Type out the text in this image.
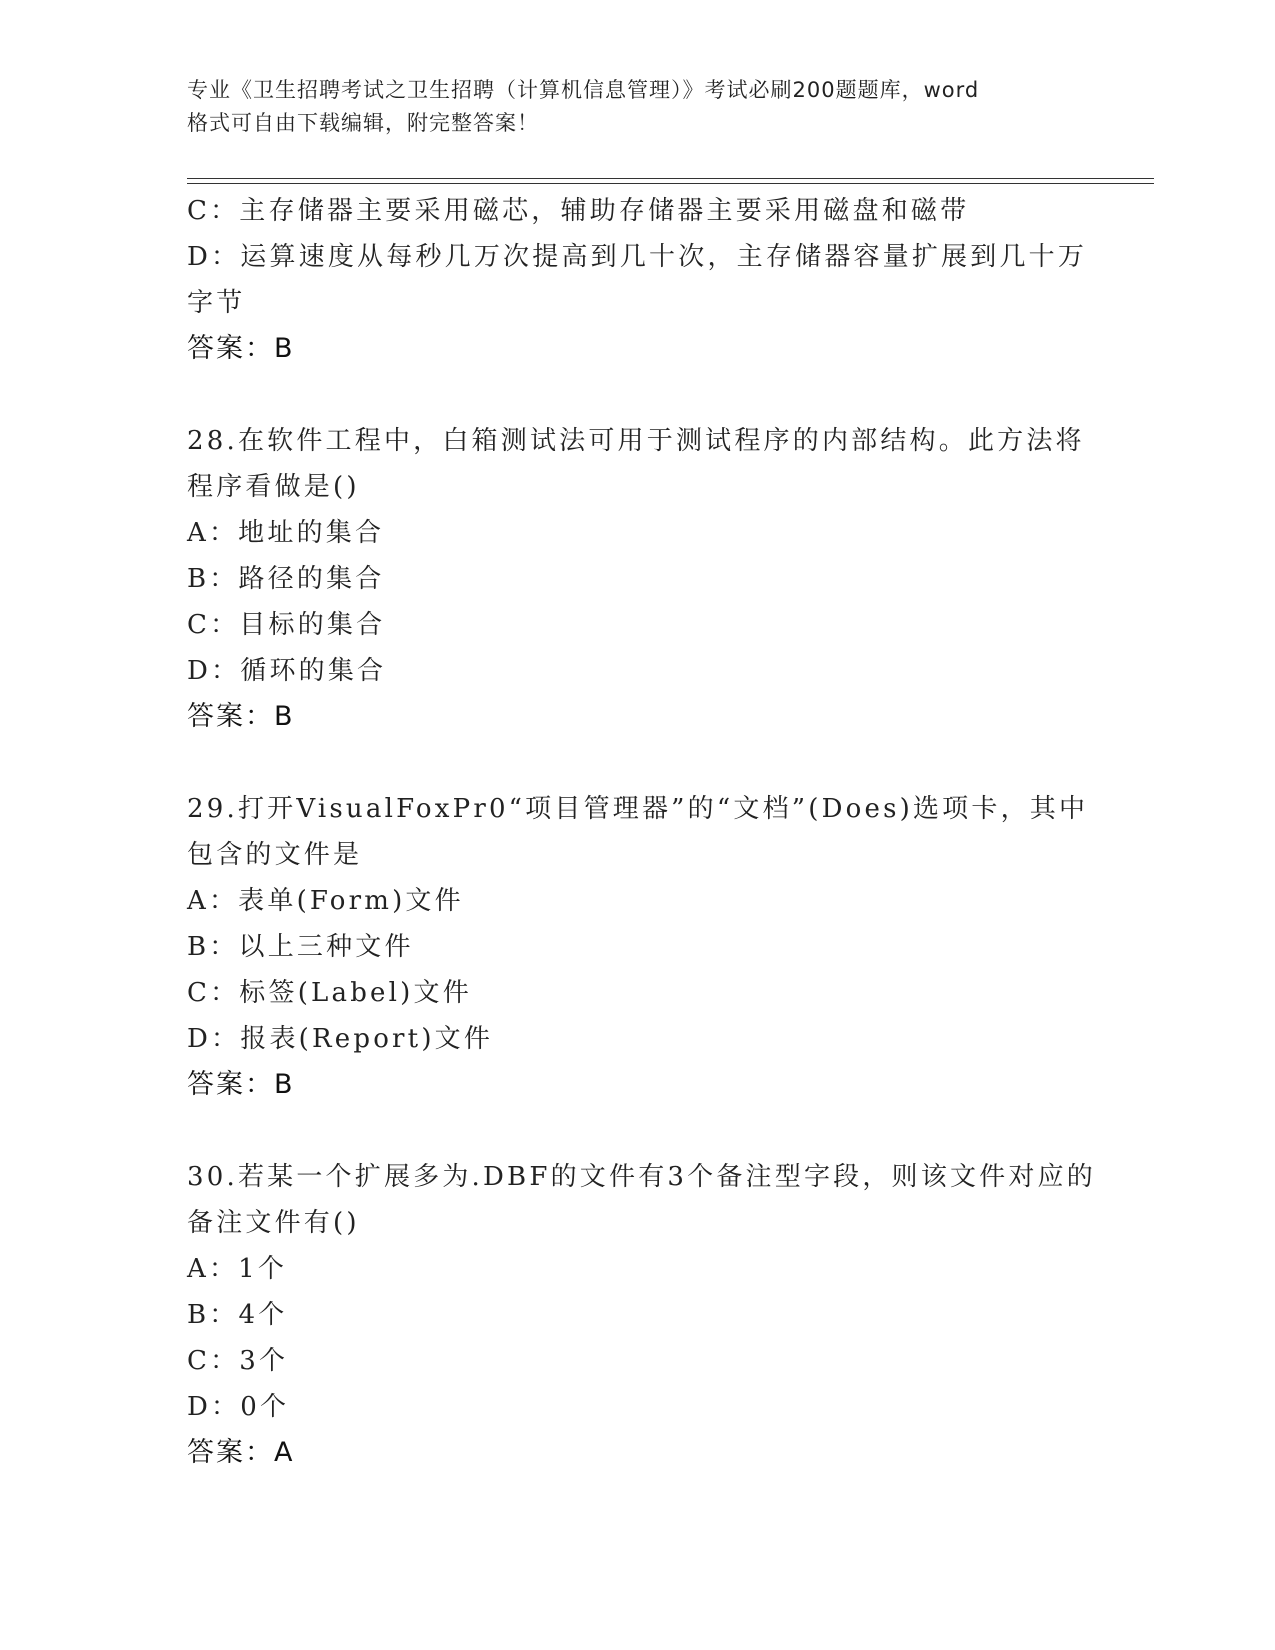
专业《卫生招聘考试之卫生招聘（计算机信息管理）》考试必刷200题题库，word
格式可自由下载编辑，附完整答案！
C：主存储器主要采用磁芯，辅助存储器主要采用磁盘和磁带
D：运算速度从每秒几万次提高到几十次，主存储器容量扩展到几十万
字节
答案：B
28.在软件工程中，白箱测试法可用于测试程序的内部结构。此方法将
程序看做是()
A：地址的集合
B：路径的集合
C：目标的集合
D：循环的集合
答案：B
29.打开VisualFoxPr0“项目管理器”的“文档”(Does)选项卡，其中
包含的文件是
A：表单(Form)文件
B：以上三种文件
C：标签(Label)文件
D：报表(Report)文件
答案：B
30.若某一个扩展多为.DBF的文件有3个备注型字段，则该文件对应的
备注文件有()
A：1个
B：4个
C：3个
D：0个
答案：A
